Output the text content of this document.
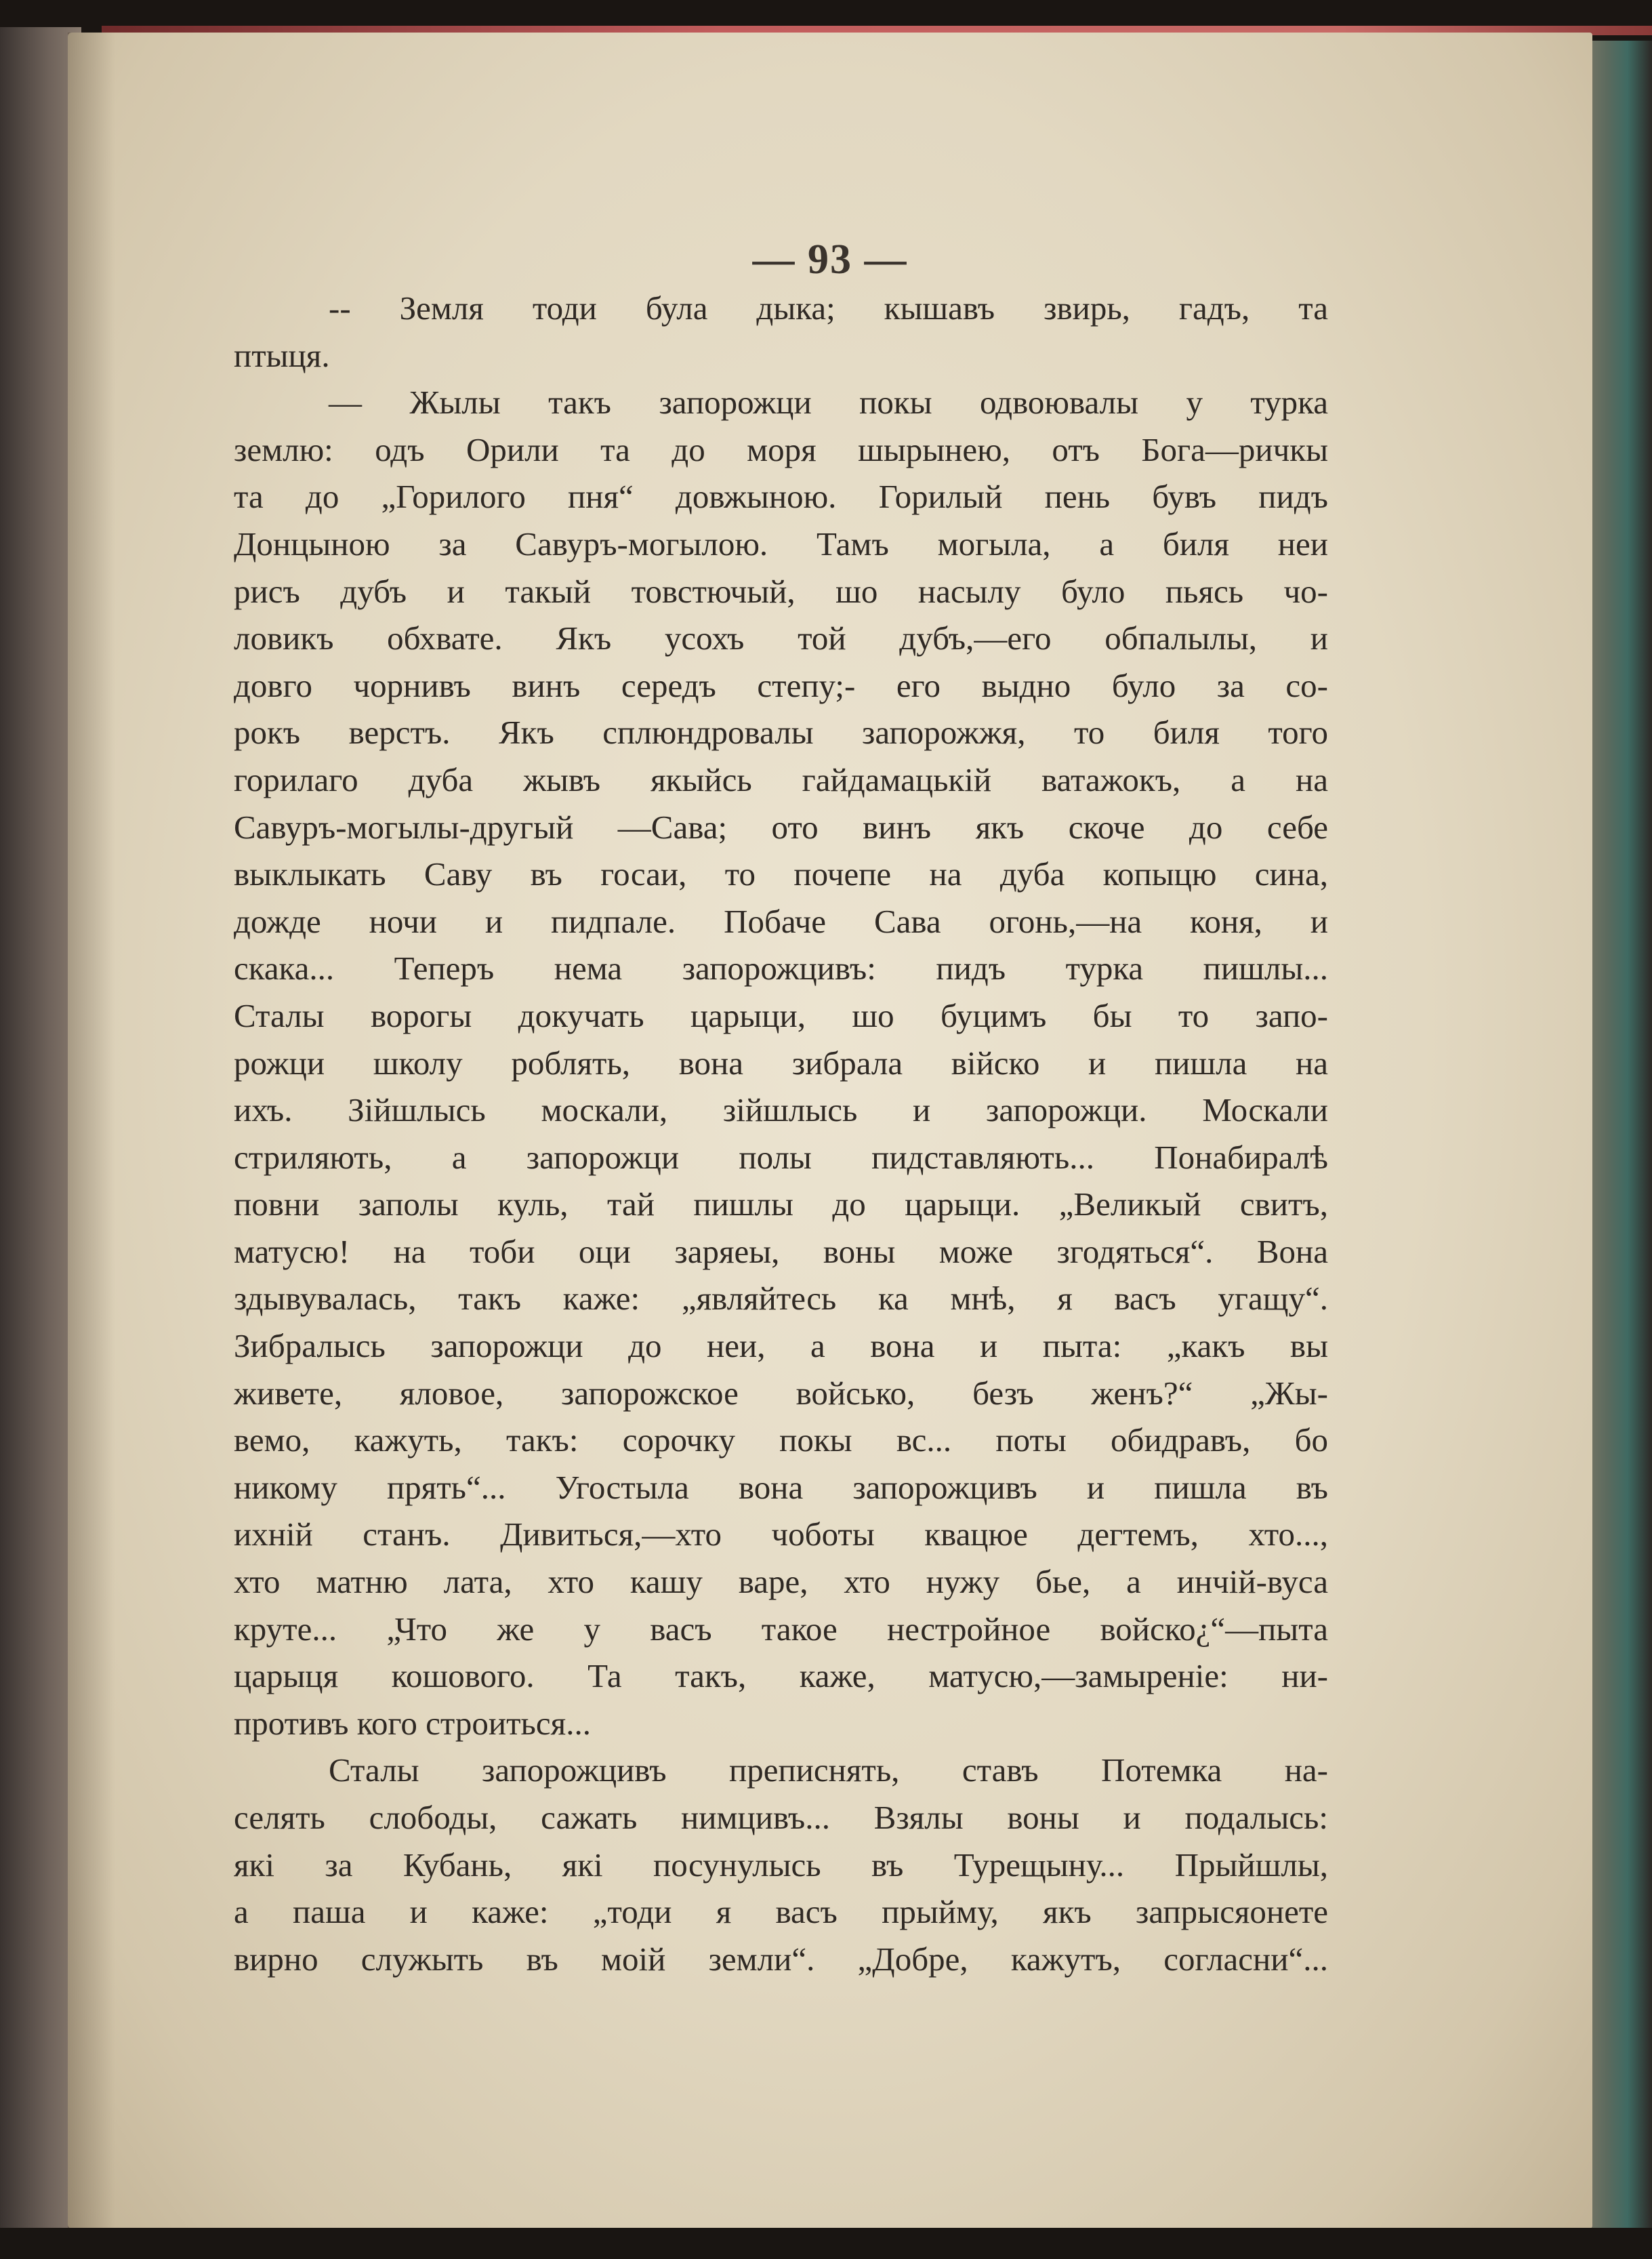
— 93 —
-- Земля тоди була дыка; кышавъ звирь, гадъ, та
птыця.
— Жылы такъ запорожци покы одвоювалы у турка
землю: одъ Орили та до моря шырынею, отъ Бога—ричкы
та до „Горилого пня“ довжыною. Горилый пень бувъ пидъ
Донцыною за Савуръ-могылою. Тамъ могыла, а биля неи
рисъ дубъ и такый товстючый, шо насылу було пьясь чо-
ловикъ обхвате. Якъ усохъ той дубъ,—его обпалылы, и
довго чорнивъ винъ середъ степу;- его выдно було за со-
рокъ верстъ. Якъ сплюндровалы запорожжя, то биля того
горилаго дуба жывъ якыйсь гайдамацькій ватажокъ, а на
Савуръ-могылы-другый —Сава; ото винъ якъ скоче до себе
выклыкать Саву въ госаи, то почепе на дуба копыцю сина,
дожде ночи и пидпале. Побаче Сава огонь,—на коня, и
скака... Теперъ нема запорожцивъ: пидъ турка пишлы...
Сталы ворогы докучать царыци, шо буцимъ бы то запо-
рожци школу роблять, вона зибрала вiйско и пишла на
ихъ. Зiйшлысь москали, зiйшлысь и запорожци. Москали
стриляють, а запорожци полы пидставляють... Понабиралѣ
повни заполы куль, тай пишлы до царыци. „Великый свитъ,
матусю! на тоби оци заряеы, воны може згодяться“. Вона
здывувалась, такъ каже: „являйтесь ка мнѣ, я васъ угащу“.
Зибралысь запорожци до неи, а вона и пыта: „какъ вы
живете, яловое, запорожское войсько, безъ женъ?“ „Жы-
вемо, кажуть, такъ: сорочку покы вс... поты обидравъ, бо
никому прять“... Угостыла вона запорожцивъ и пишла въ
ихнiй станъ. Дивиться,—хто чоботы квацюе дегтемъ, хто...,
хто матню лата, хто кашу варе, хто нужу бье, а инчiй-вуса
круте... „Что же у васъ такое нестройное войско¿“—пыта
царыця кошового. Та такъ, каже, матусю,—замыренiе: ни-
противъ кого строиться...
Сталы запорожцивъ преписнять, ставъ Потемка на-
селять слободы, сажать нимцивъ... Взялы воны и подалысь:
якi за Кубань, якi посунулысь въ Турещыну... Прыйшлы,
а паша и каже: „тоди я васъ прыйму, якъ запрысяонете
вирно служыть въ моiй земли“. „Добре, кажутъ, согласни“...
